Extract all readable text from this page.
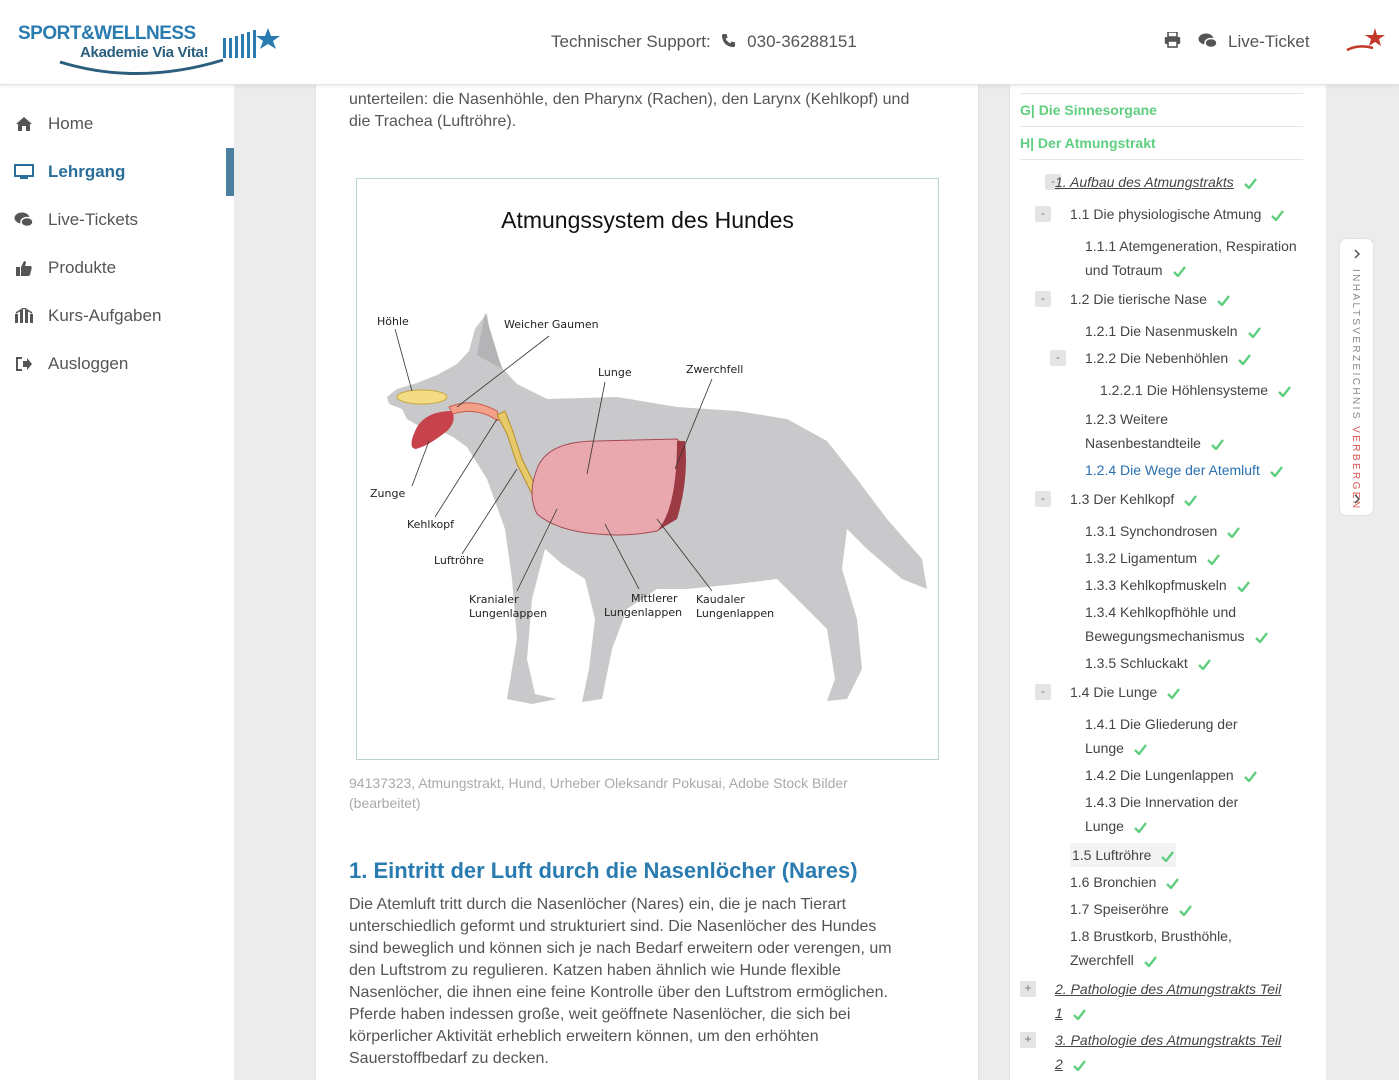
SPORT&WELLNESS
Akademie Via Vita!
Technischer Support: 030-36288151	Live-Ticket
Home
Lehrgang
Live-Tickets
Produkte
Kurs-Aufgaben
Ausloggen
unterteilen: die Nasenhöhle, den Pharynx (Rachen), den Larynx (Kehlkopf) und
die Trachea (Luftröhre).
Atmungssystem des Hundes
Höhle	Weicher Gaumen
Lunge	Zwerchfell
Zunge
Kehlkopf
Luftröhre
Kranialer
Lungenlappen
Mittlerer
Lungenlappen
Kaudaler
Lungenlappen
94137323, Atmungstrakt, Hund, Urheber Oleksandr Pokusai, Adobe Stock Bilder (bearbeitet)
1. Eintritt der Luft durch die Nasenlöcher (Nares)
Die Atemluft tritt durch die Nasenlöcher (Nares) ein, die je nach Tierart
unterschiedlich geformt und strukturiert sind. Die Nasenlöcher des Hundes
sind beweglich und können sich je nach Bedarf erweitern oder verengen, um
den Luftstrom zu regulieren. Katzen haben ähnlich wie Hunde flexible
Nasenlöcher, die ihnen eine feine Kontrolle über den Luftstrom ermöglichen.
Pferde haben indessen große, weit geöffnete Nasenlöcher, die sich bei
körperlicher Aktivität erheblich erweitern können, um den erhöhten
Sauerstoffbedarf zu decken.
G| Die Sinnesorgane
H| Der Atmungstrakt
- 1. Aufbau des Atmungstrakts
-	1.1 Die physiologische Atmung
1.1.1 Atemgeneration, Respiration
und Totraum
-	1.2 Die tierische Nase
1.2.1 Die Nasenmuskeln
-	1.2.2 Die Nebenhöhlen
1.2.2.1 Die Höhlensysteme
1.2.3 Weitere
Nasenbestandteile
1.2.4 Die Wege der Atemluft
-	1.3 Der Kehlkopf
1.3.1 Synchondrosen
1.3.2 Ligamentum
1.3.3 Kehlkopfmuskeln
1.3.4 Kehlkopfhöhle und
Bewegungsmechanismus
1.3.5 Schluckakt
-	1.4 Die Lunge
1.4.1 Die Gliederung der
Lunge
1.4.2 Die Lungenlappen
1.4.3 Die Innervation der
Lunge
1.5 Luftröhre
1.6 Bronchien
1.7 Speiseröhre
1.8 Brustkorb, Brusthöhle,
Zwerchfell
+	2. Pathologie des Atmungstrakts Teil
1
+	3. Pathologie des Atmungstrakts Teil
2
INHALTSVERZEICHNIS VERBERGEN
